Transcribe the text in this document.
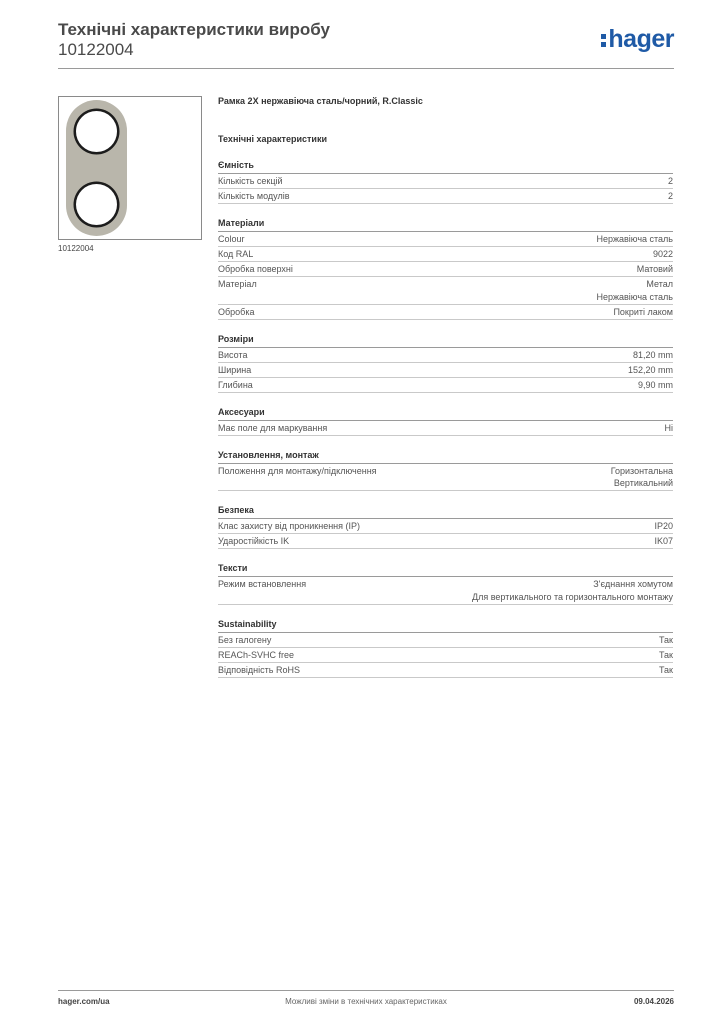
Технічні характеристики виробу
10122004	hager
10122004
Рамка 2X нержавіюча сталь/чорний, R.Classic
Технічні характеристики
Ємність
Кількість секцій	2
Кількість модулів	2
Матеріали
Colour	Нержавіюча сталь
Код RAL	9022
Обробка поверхні	Матовий
Матеріал	Метал
Нержавіюча сталь
Обробка	Покриті лаком
Розміри
Висота	81,20 mm
Ширина	152,20 mm
Глибина	9,90 mm
Аксесуари
Має поле для маркування	Ні
Установлення, монтаж
Положення для монтажу/підключення	Горизонтальна
Вертикальний
Безпека
Клас захисту від проникнення (IP)	IP20
Ударостійкість IK	IK07
Тексти
Режим встановлення	З'єднання хомутом
Для вертикального та горизонтального монтажу
Sustainability
Без галогену	Так
REACh-SVHC free	Так
Відповідність RoHS	Так
hager.com/ua	Можливі зміни в технічних характеристиках	09.04.2026
